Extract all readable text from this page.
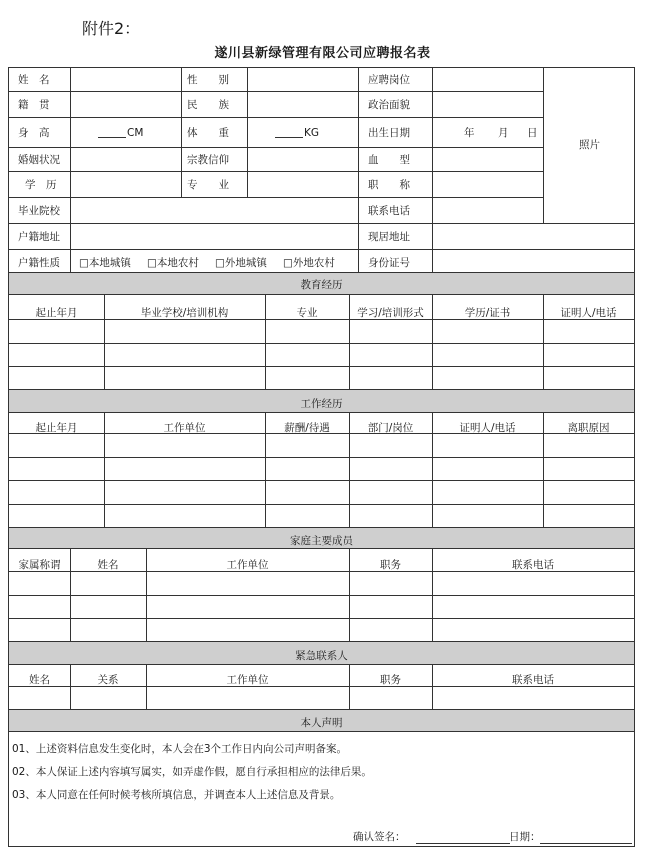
附件2：
遂川县新绿管理有限公司应聘报名表
姓　名	性　　别	应聘岗位
照片
籍　贯	民　　族	政治面貌
身　高	CM	体　　重	KG	出生日期	年 月 日
婚姻状况	宗教信仰	血　　型
学　历	专　　业	职　　称
毕业院校	联系电话
户籍地址	现居地址
户籍性质 □本地城镇 □本地农村 □外地城镇 □外地农村	身份证号
教育经历
起止年月	毕业学校/培训机构	专业	学习/培训形式	学历/证书	证明人/电话
工作经历
起止年月	工作单位	薪酬/待遇	部门/岗位	证明人/电话	离职原因
家庭主要成员
家属称谓	姓名	工作单位	职务	联系电话
紧急联系人
姓名	关系	工作单位	职务	联系电话
本人声明
01、上述资料信息发生变化时，本人会在3个工作日内向公司声明备案。
02、本人保证上述内容填写属实，如弄虚作假，愿自行承担相应的法律后果。
03、本人同意在任何时候考核所填信息，并调查本人上述信息及背景。
确认签名：	日期：
